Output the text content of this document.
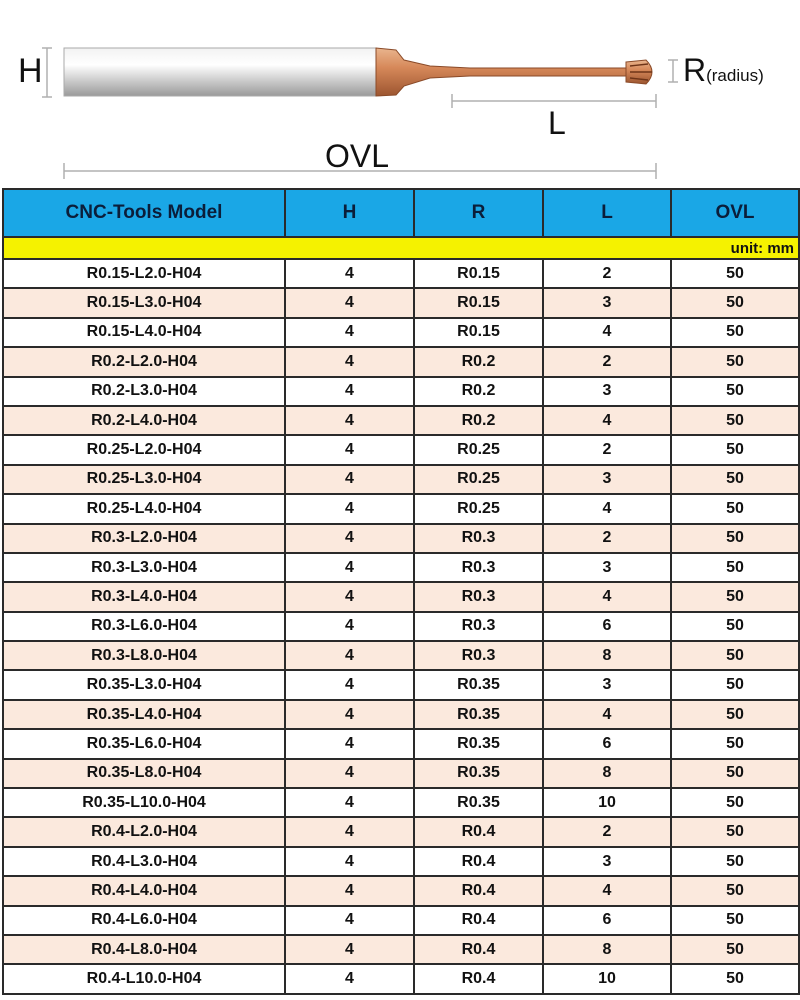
H	R(radius)
L
OVL
CNC-Tools Model	H	R	L	OVL
unit: mm				
R0.15-L2.0-H04	4	R0.15	2	50
R0.15-L3.0-H04	4	R0.15	3	50
R0.15-L4.0-H04	4	R0.15	4	50
R0.2-L2.0-H04	4	R0.2	2	50
R0.2-L3.0-H04	4	R0.2	3	50
R0.2-L4.0-H04	4	R0.2	4	50
R0.25-L2.0-H04	4	R0.25	2	50
R0.25-L3.0-H04	4	R0.25	3	50
R0.25-L4.0-H04	4	R0.25	4	50
R0.3-L2.0-H04	4	R0.3	2	50
R0.3-L3.0-H04	4	R0.3	3	50
R0.3-L4.0-H04	4	R0.3	4	50
R0.3-L6.0-H04	4	R0.3	6	50
R0.3-L8.0-H04	4	R0.3	8	50
R0.35-L3.0-H04	4	R0.35	3	50
R0.35-L4.0-H04	4	R0.35	4	50
R0.35-L6.0-H04	4	R0.35	6	50
R0.35-L8.0-H04	4	R0.35	8	50
R0.35-L10.0-H04	4	R0.35	10	50
R0.4-L2.0-H04	4	R0.4	2	50
R0.4-L3.0-H04	4	R0.4	3	50
R0.4-L4.0-H04	4	R0.4	4	50
R0.4-L6.0-H04	4	R0.4	6	50
R0.4-L8.0-H04	4	R0.4	8	50
R0.4-L10.0-H04	4	R0.4	10	50
